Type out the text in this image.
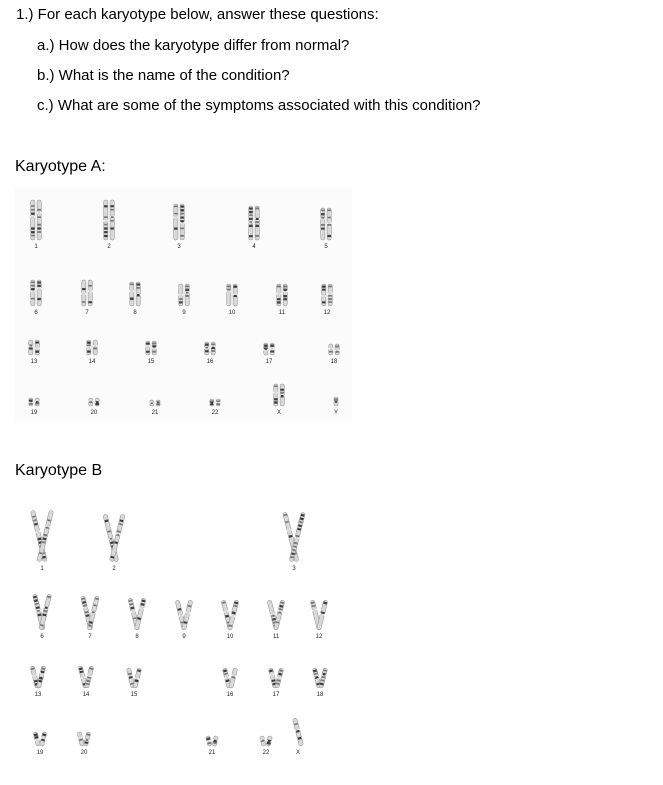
1.) For each karyotype below, answer these questions:
a.) How does the karyotype differ from normal?
b.) What is the name of the condition?
c.) What are some of the symptoms associated with this condition?
Karyotype A:
1	2	3	4	5
6	7	8	9	10	11	12
13	14	15	16	17	18
19	20	21	22	X	Y
Karyotype B
1	2	3
6	7	8	9	10	11	12
13	14	15	16	17	18
19	20	21	22	X
